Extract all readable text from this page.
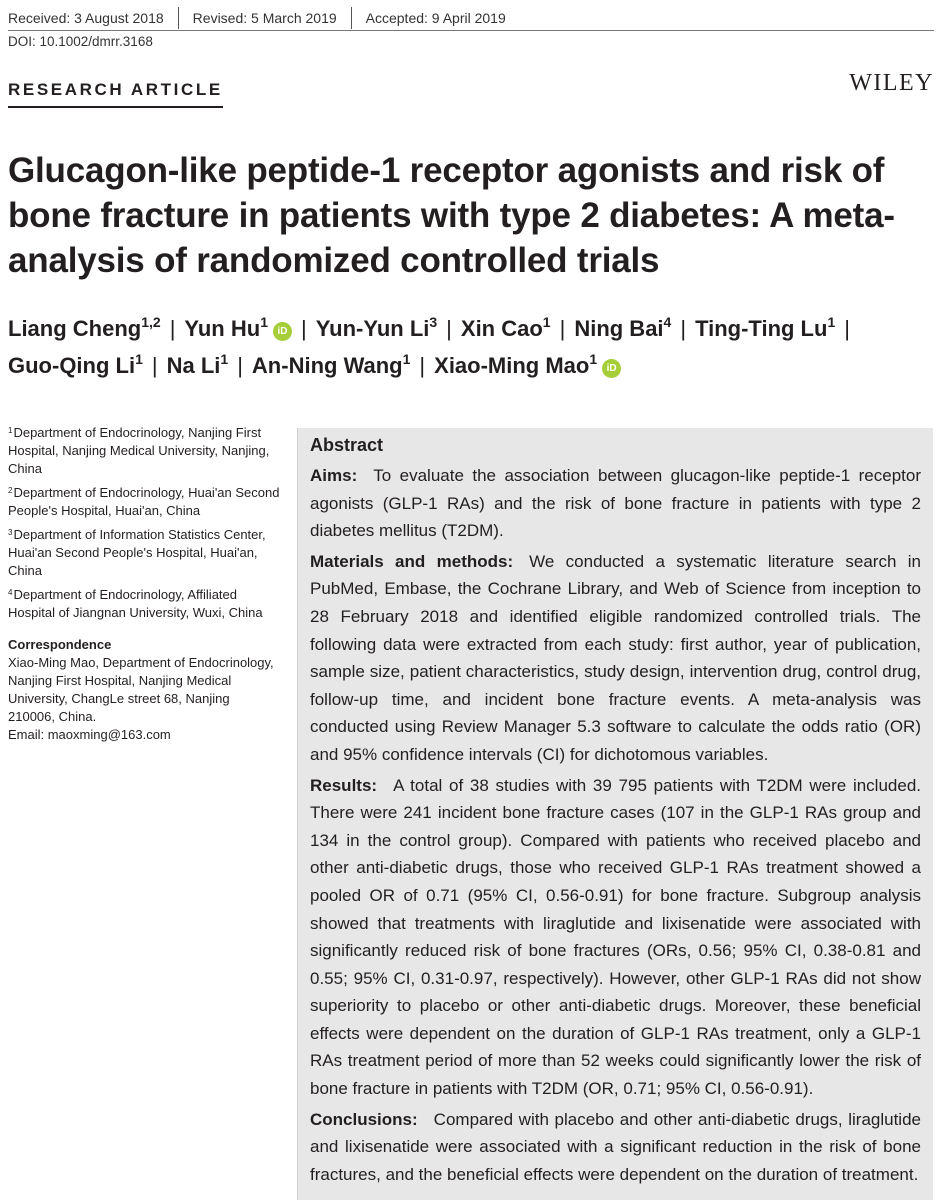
Received: 3 August 2018	Revised: 5 March 2019	Accepted: 9 April 2019
DOI: 10.1002/dmrr.3168
RESEARCH ARTICLE	WILEY
Glucagon-like peptide-1 receptor agonists and risk of bone fracture in patients with type 2 diabetes: A meta-analysis of randomized controlled trials
Liang Cheng$^{1,2}$ | Yun Hu$^1$iD | Yun-Yun Li$^3$ | Xin Cao$^1$ | Ning Bai$^4$ | Ting-Ting Lu$^1$ |
Guo-Qing Li$^1$ | Na Li$^1$ | An-Ning Wang$^1$ | Xiao-Ming Mao$^1$iD

$^1$Department of Endocrinology, Nanjing First Hospital, Nanjing Medical University, Nanjing, China

$^2$Department of Endocrinology, Huai'an Second People's Hospital, Huai'an, China

$^3$Department of Information Statistics Center, Huai'an Second People's Hospital, Huai'an, China

$^4$Department of Endocrinology, Affiliated Hospital of Jiangnan University, Wuxi, China

Correspondence

Xiao-Ming Mao, Department of Endocrinology,
Nanjing First Hospital, Nanjing Medical
University, ChangLe street 68, Nanjing
210006, China.
Email: maoxming@163.com
Abstract

Aims: To evaluate the association between glucagon-like peptide-1 receptor agonists (GLP-1 RAs) and the risk of bone fracture in patients with type 2 diabetes mellitus (T2DM).

Materials and methods: We conducted a systematic literature search in PubMed, Embase, the Cochrane Library, and Web of Science from inception to 28 February 2018 and identified eligible randomized controlled trials. The following data were extracted from each study: first author, year of publication, sample size, patient characteristics, study design, intervention drug, control drug, follow-up time, and incident bone fracture events. A meta-analysis was conducted using Review Manager 5.3 software to calculate the odds ratio (OR) and 95% confidence intervals (CI) for dichotomous variables.

Results: A total of 38 studies with 39 795 patients with T2DM were included. There were 241 incident bone fracture cases (107 in the GLP-1 RAs group and 134 in the control group). Compared with patients who received placebo and other anti-diabetic drugs, those who received GLP-1 RAs treatment showed a pooled OR of 0.71 (95% CI, 0.56-0.91) for bone fracture. Subgroup analysis showed that treatments with liraglutide and lixisenatide were associated with significantly reduced risk of bone fractures (ORs, 0.56; 95% CI, 0.38-0.81 and 0.55; 95% CI, 0.31-0.97, respectively). However, other GLP-1 RAs did not show superiority to placebo or other anti-diabetic drugs. Moreover, these beneficial effects were dependent on the duration of GLP-1 RAs treatment, only a GLP-1 RAs treatment period of more than 52 weeks could significantly lower the risk of bone fracture in patients with T2DM (OR, 0.71; 95% CI, 0.56-0.91).

Conclusions: Compared with placebo and other anti-diabetic drugs, liraglutide and lixisenatide were associated with a significant reduction in the risk of bone fractures, and the beneficial effects were dependent on the duration of treatment.
